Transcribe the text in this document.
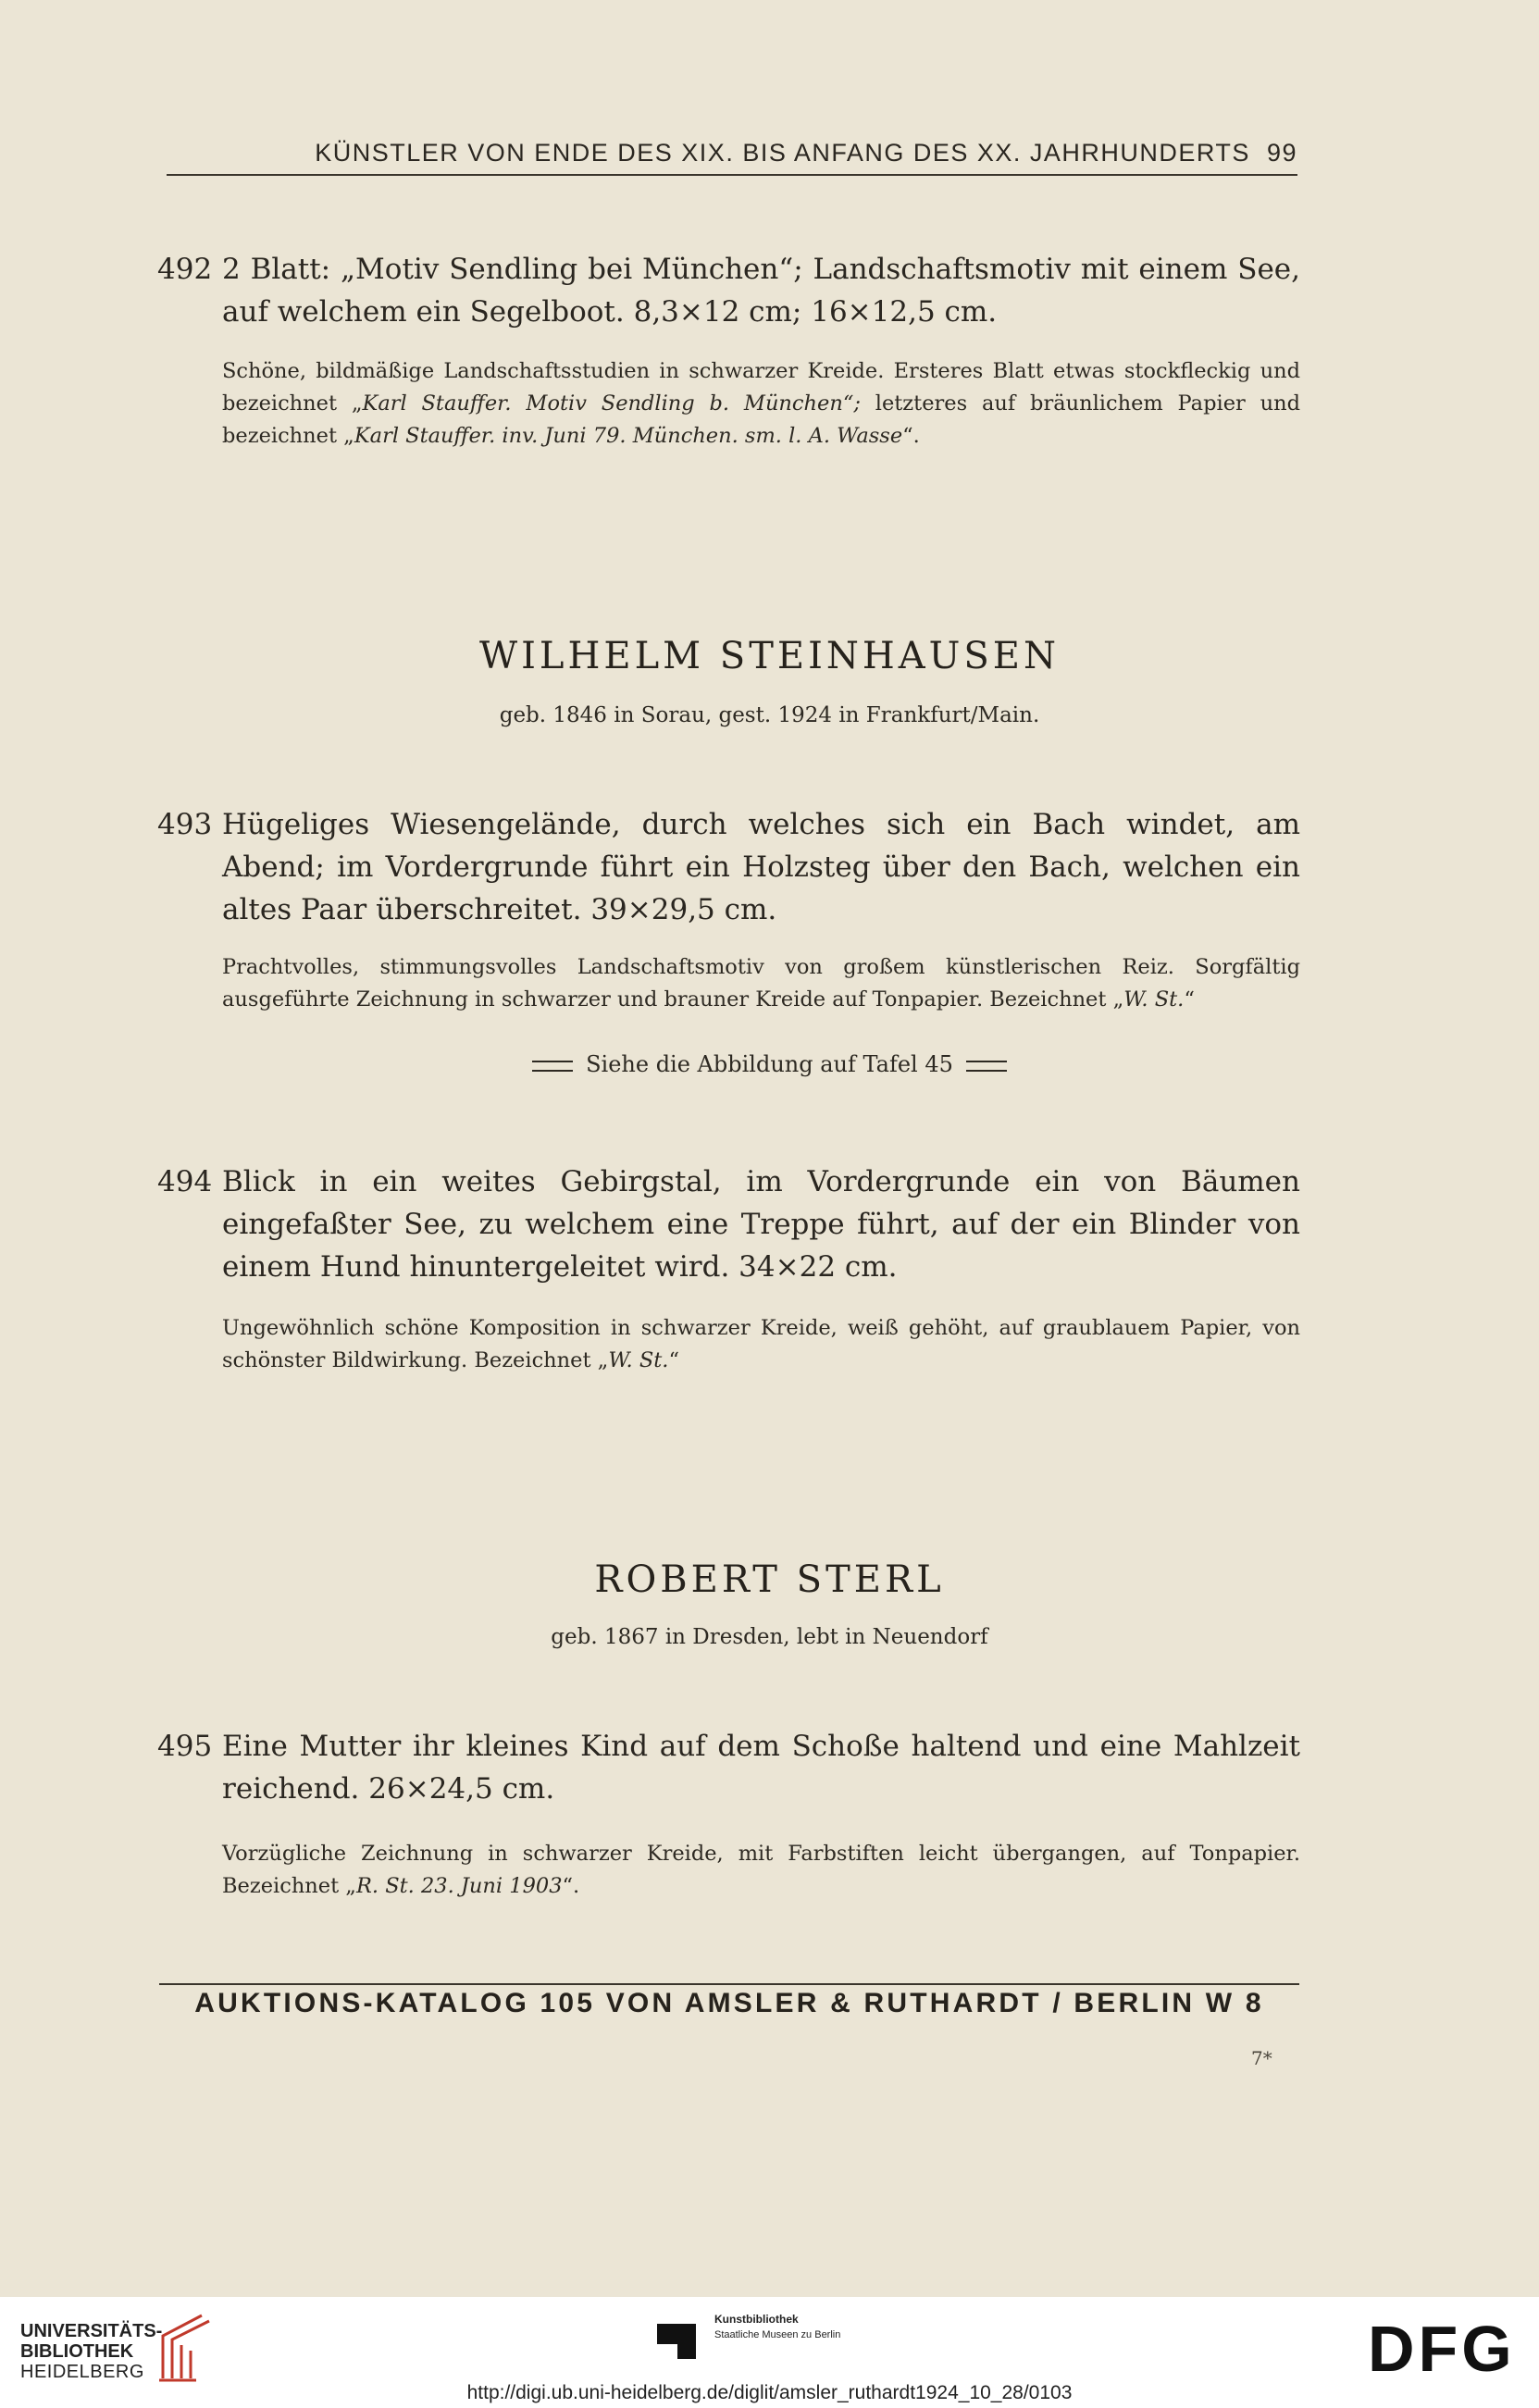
KÜNSTLER VON ENDE DES XIX. BIS ANFANG DES XX. JAHRHUNDERTS 99
492 2 Blatt: „Motiv Sendling bei München“; Landschaftsmotiv mit einem See, auf welchem ein Segelboot. 8,3×12 cm; 16×12,5 cm.
Schöne, bildmäßige Landschaftsstudien in schwarzer Kreide. Ersteres Blatt etwas stockfleckig und bezeichnet „Karl Stauffer. Motiv Sendling b. München“; letzteres auf bräunlichem Papier und bezeichnet „Karl Stauffer. inv. Juni 79. München. sm. l. A. Wasse“.
WILHELM STEINHAUSEN
geb. 1846 in Sorau, gest. 1924 in Frankfurt/Main.
493 Hügeliges Wiesengelände, durch welches sich ein Bach windet, am Abend; im Vordergrunde führt ein Holzsteg über den Bach, welchen ein altes Paar überschreitet. 39×29,5 cm.
Prachtvolles, stimmungsvolles Landschaftsmotiv von großem künstlerischen Reiz. Sorgfältig ausgeführte Zeichnung in schwarzer und brauner Kreide auf Tonpapier. Bezeichnet „W. St.“
Siehe die Abbildung auf Tafel 45
494 Blick in ein weites Gebirgstal, im Vordergrunde ein von Bäumen eingefaßter See, zu welchem eine Treppe führt, auf der ein Blinder von einem Hund hinuntergeleitet wird. 34×22 cm.
Ungewöhnlich schöne Komposition in schwarzer Kreide, weiß gehöht, auf graublauem Papier, von schönster Bildwirkung. Bezeichnet „W. St.“
ROBERT STERL
geb. 1867 in Dresden, lebt in Neuendorf
495 Eine Mutter ihr kleines Kind auf dem Schoße haltend und eine Mahlzeit reichend. 26×24,5 cm.
Vorzügliche Zeichnung in schwarzer Kreide, mit Farbstiften leicht übergangen, auf Tonpapier. Bezeichnet „R. St. 23. Juni 1903“.
AUKTIONS-KATALOG 105 VON AMSLER & RUTHARDT / BERLIN W 8
7*
UNIVERSITÄTS-
BIBLIOTHEK
HEIDELBERG
Kunstbibliothek
Staatliche Museen zu Berlin	DFG
http://digi.ub.uni-heidelberg.de/diglit/amsler_ruthardt1924_10_28/0103
